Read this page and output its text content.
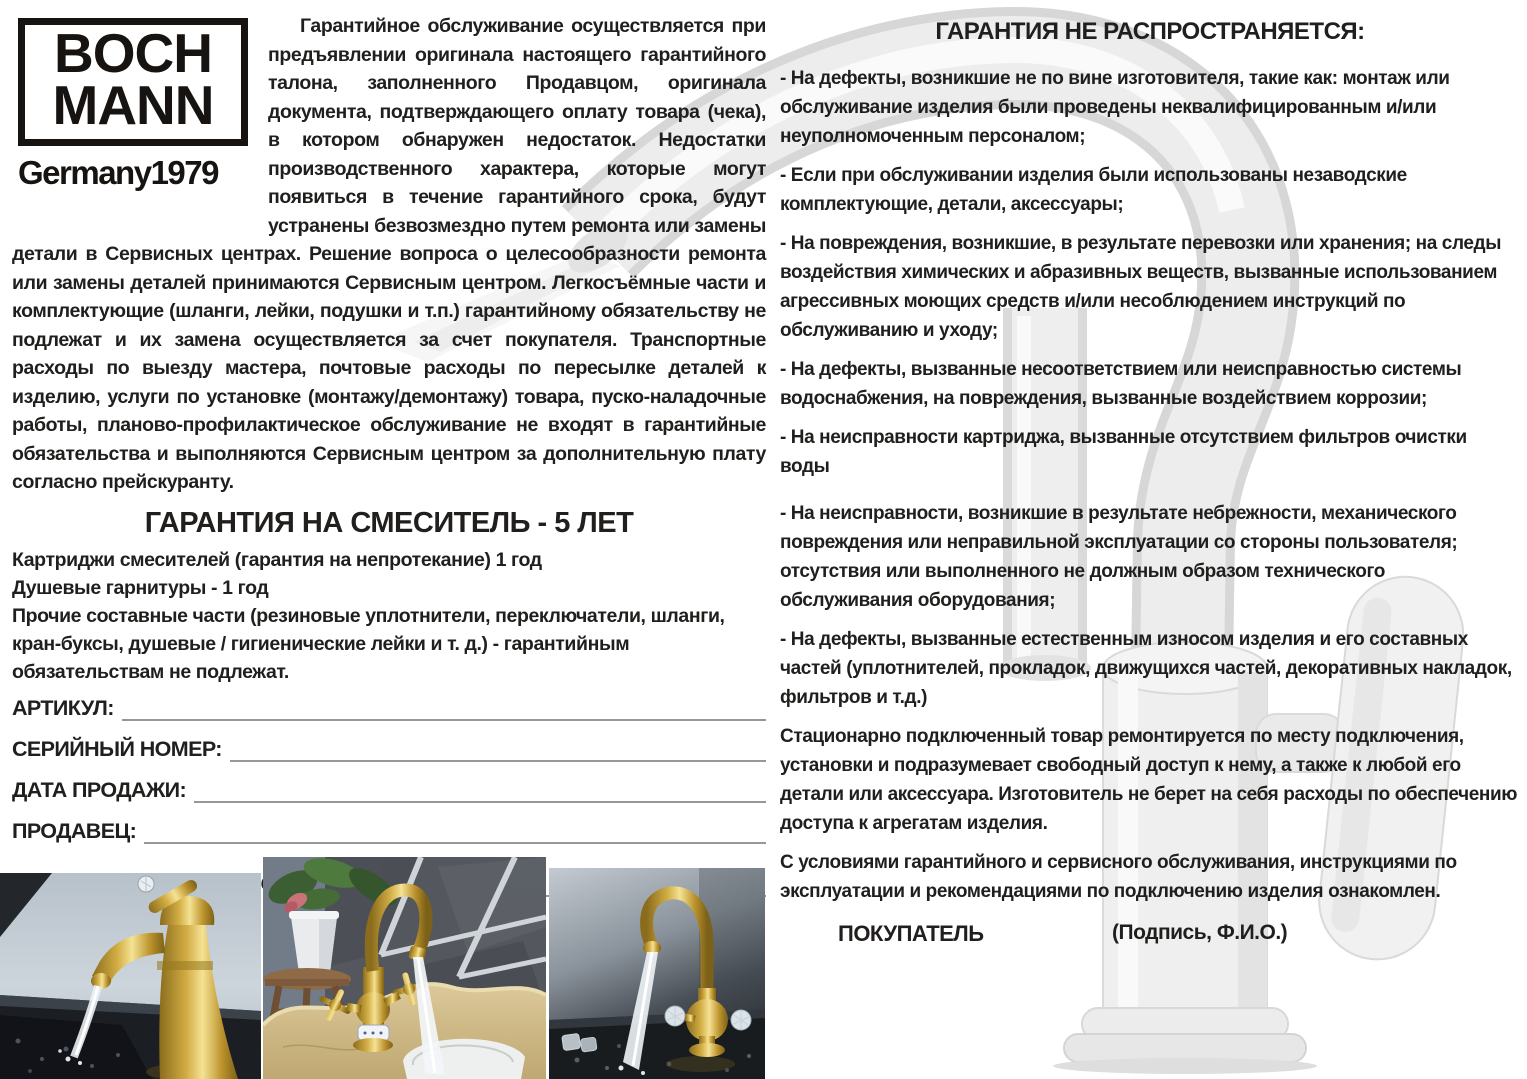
BOCH
MANN
Germany1979

Гарантийное обслуживание осуществляется при предъявлении оригинала настоящего гарантийного талона, заполненного Продавцом, оригинала документа, подтверждающего оплату товара (чека), в котором обнаружен недостаток. Недостатки производственного характера, которые могут появиться в течение гарантийного срока, будут устранены безвозмездно путем ремонта или замены детали в Сервисных центрах. Решение вопроса о целесообразности ремонта или замены деталей принимаются Сервисным центром. Легкосъёмные части и комплектующие (шланги, лейки, подушки и т.п.) гарантийному обязательству не подлежат и их замена осуществляется за счет покупателя. Транспортные расходы по выезду мастера, почтовые расходы по пересылке деталей к изделию, услуги по установке (монтажу/демонтажу) товара, пуско-наладочные работы, планово-профилактическое обслуживание не входят в гарантийные обязательства и выполняются Сервисным центром за дополнительную плату согласно прейскуранту.

ГАРАНТИЯ НА СМЕСИТЕЛЬ - 5 ЛЕТ

Картриджи смесителей (гарантия на непротекание) 1 год

Душевые гарнитуры - 1 год

Прочие составные части (резиновые уплотнители, переключатели, шланги, кран-буксы, душевые / гигиенические лейки и т. д.) - гарантийным обязательствам не подлежат.

АРТИКУЛ:
СЕРИЙНЫЙ НОМЕР:
ДАТА ПРОДАЖИ:
ПРОДАВЕЦ:
ГАРАНТИЯ НЕ РАСПРОСТРАНЯЕТСЯ:

- На дефекты, возникшие не по вине изготовителя, такие как: монтаж или обслуживание изделия были проведены неквалифицированным и/или неуполномоченным персоналом;

- Если при обслуживании изделия были использованы незаводские комплектующие, детали, аксессуары;

- На повреждения, возникшие, в результате перевозки или хранения; на следы воздействия химических и абразивных веществ, вызванные использованием агрессивных моющих средств и/или несоблюдением инструкций по обслуживанию и уходу;

- На дефекты, вызванные несоответствием или неисправностью системы водоснабжения, на повреждения, вызванные воздействием коррозии;

- На неисправности картриджа, вызванные отсутствием фильтров очистки воды

- На неисправности, возникшие в результате небрежности, механического повреждения или неправильной эксплуатации со стороны пользователя; отсутствия или выполненного не должным образом технического обслуживания оборудования;

- На дефекты, вызванные естественным износом изделия и его составных частей (уплотнителей, прокладок, движущихся частей, декоративных накладок, фильтров и т.д.)

Стационарно подключенный товар ремонтируется по месту подключения, установки и подразумевает свободный доступ к нему, а также к любой его детали или аксессуара. Изготовитель не берет на себя расходы по обеспечению доступа к агрегатам изделия.

С условиями гарантийного и сервисного обслуживания, инструкциями по эксплуатации и рекомендациями по подключению изделия ознакомлен.

ПОКУПАТЕЛЬ	(Подпись, Ф.И.О.)
